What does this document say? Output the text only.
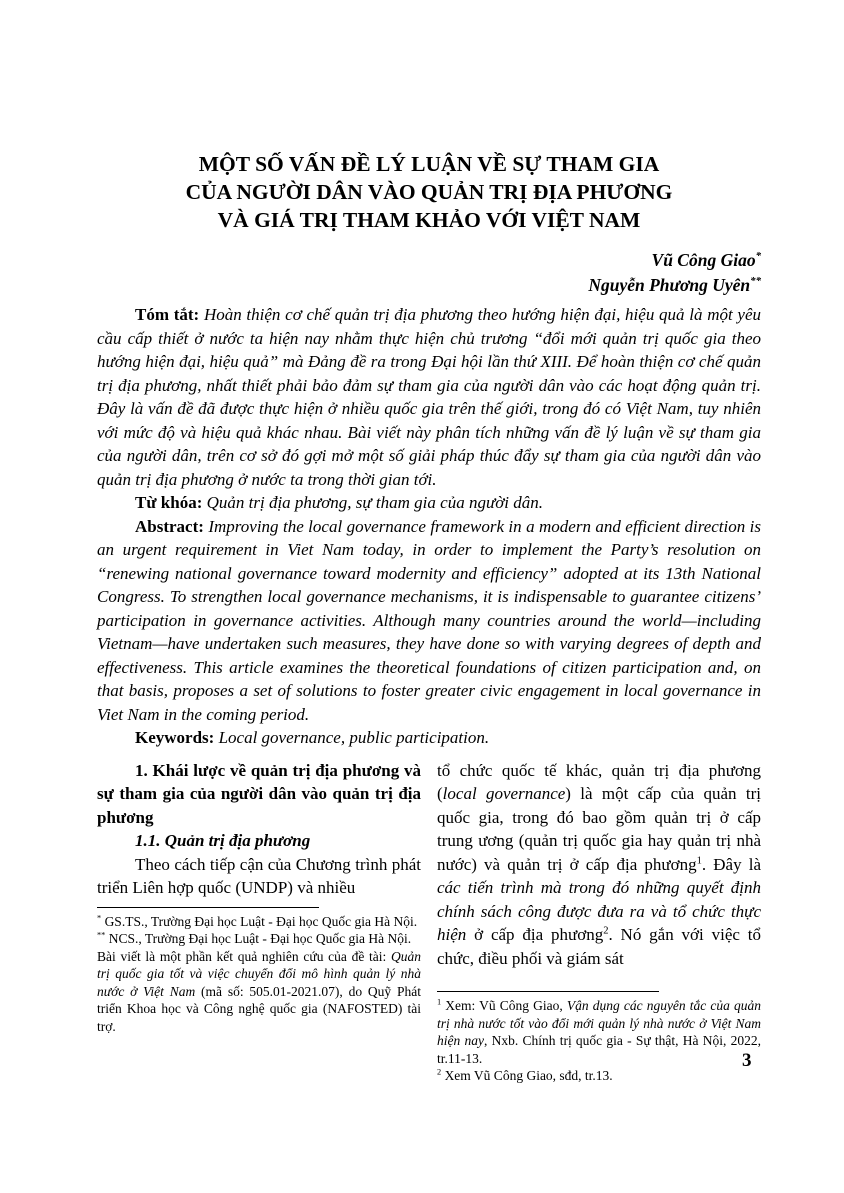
MỘT SỐ VẤN ĐỀ LÝ LUẬN VỀ SỰ THAM GIA
CỦA NGƯỜI DÂN VÀO QUẢN TRỊ ĐỊA PHƯƠNG
VÀ GIÁ TRỊ THAM KHẢO VỚI VIỆT NAM
Vũ Công Giao*
Nguyễn Phương Uyên**

Tóm tắt: Hoàn thiện cơ chế quản trị địa phương theo hướng hiện đại, hiệu quả là một yêu cầu cấp thiết ở nước ta hiện nay nhằm thực hiện chủ trương “đổi mới quản trị quốc gia theo hướng hiện đại, hiệu quả” mà Đảng đề ra trong Đại hội lần thứ XIII. Để hoàn thiện cơ chế quản trị địa phương, nhất thiết phải bảo đảm sự tham gia của người dân vào các hoạt động quản trị. Đây là vấn đề đã được thực hiện ở nhiều quốc gia trên thế giới, trong đó có Việt Nam, tuy nhiên với mức độ và hiệu quả khác nhau. Bài viết này phân tích những vấn đề lý luận về sự tham gia của người dân, trên cơ sở đó gợi mở một số giải pháp thúc đẩy sự tham gia của người dân vào quản trị địa phương ở nước ta trong thời gian tới.

Từ khóa: Quản trị địa phương, sự tham gia của người dân.

Abstract: Improving the local governance framework in a modern and efficient direction is an urgent requirement in Viet Nam today, in order to implement the Party’s resolution on “renewing national governance toward modernity and efficiency” adopted at its 13th National Congress. To strengthen local governance mechanisms, it is indispensable to guarantee citizens’ participation in governance activities. Although many countries around the world—including Vietnam—have undertaken such measures, they have done so with varying degrees of depth and effectiveness. This article examines the theoretical foundations of citizen participation and, on that basis, proposes a set of solutions to foster greater civic engagement in local governance in Viet Nam in the coming period.

Keywords: Local governance, public participation.

1. Khái lược về quản trị địa phương và sự tham gia của người dân vào quản trị địa phương

1.1. Quản trị địa phương

Theo cách tiếp cận của Chương trình phát triển Liên hợp quốc (UNDP) và nhiều

* GS.TS., Trường Đại học Luật - Đại học Quốc gia Hà Nội.

** NCS., Trường Đại học Luật - Đại học Quốc gia Hà Nội.

Bài viết là một phần kết quả nghiên cứu của đề tài: Quản trị quốc gia tốt và việc chuyển đổi mô hình quản lý nhà nước ở Việt Nam (mã số: 505.01-2021.07), do Quỹ Phát triển Khoa học và Công nghệ quốc gia (NAFOSTED) tài trợ.

tổ chức quốc tế khác, quản trị địa phương (local governance) là một cấp của quản trị quốc gia, trong đó bao gồm quản trị ở cấp trung ương (quản trị quốc gia hay quản trị nhà nước) và quản trị ở cấp địa phương$^1$. Đây là các tiến trình mà trong đó những quyết định chính sách công được đưa ra và tổ chức thực hiện ở cấp địa phương$^2$. Nó gắn với việc tổ chức, điều phối và giám sát

$^1$ Xem: Vũ Công Giao, Vận dụng các nguyên tắc của quản trị nhà nước tốt vào đổi mới quản lý nhà nước ở Việt Nam hiện nay, Nxb. Chính trị quốc gia - Sự thật, Hà Nội, 2022, tr.11-13.

$^2$ Xem Vũ Công Giao, sđd, tr.13.

3
